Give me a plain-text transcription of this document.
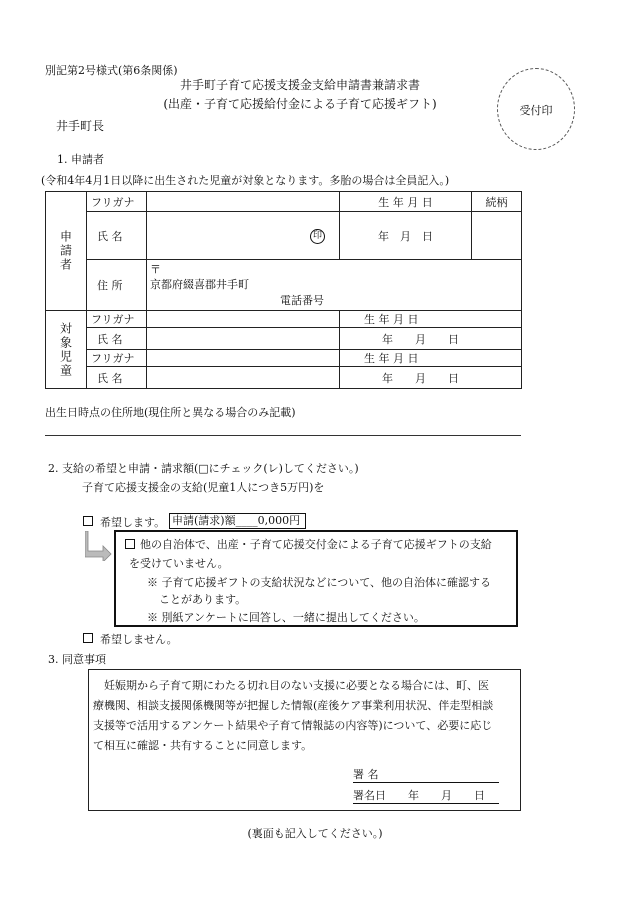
別記第2号様式(第6条関係)
井手町子育て応援支援金支給申請書兼請求書
(出産・子育て応援給付金による子育て応援ギフト)
井手町長
受付印
1. 申請者
(令和4年4月1日以降に出生された児童が対象となります。多胎の場合は全員記入。)
申請者	フリガナ		生 年 月 日	続柄
	氏 名	印	年　月　日	
	住 所	〒
京都府綴喜郡井手町
電話番号		

対象児童	フリガナ		生 年 月 日	
	氏 名		年　　月　　日	
	フリガナ		生 年 月 日	
	氏 名		年　　月　　日	
出生日時点の住所地(現住所と異なる場合のみ記載)
2. 支給の希望と申請・請求額(□にチェック(レ)してください。)
子育て応援支援金の支給(児童1人につき5万円)を
希望します。 申請(請求)額____0,000円
他の自治体で、出産・子育て応援交付金による子育て応援ギフトの支給
を受けていません。
※ 子育て応援ギフトの支給状況などについて、他の自治体に確認する
ことがあります。
※ 別紙アンケートに回答し、一緒に提出してください。
希望しません。
3. 同意事項
妊娠期から子育て期にわたる切れ目のない支援に必要となる場合には、町、医
療機関、相談支援関係機関等が把握した情報(産後ケア事業利用状況、伴走型相談
支援等で活用するアンケート結果や子育て情報誌の内容等)について、必要に応じ
て相互に確認・共有することに同意します。
署 名
署名日　　年　　月　　日
(裏面も記入してください。)
